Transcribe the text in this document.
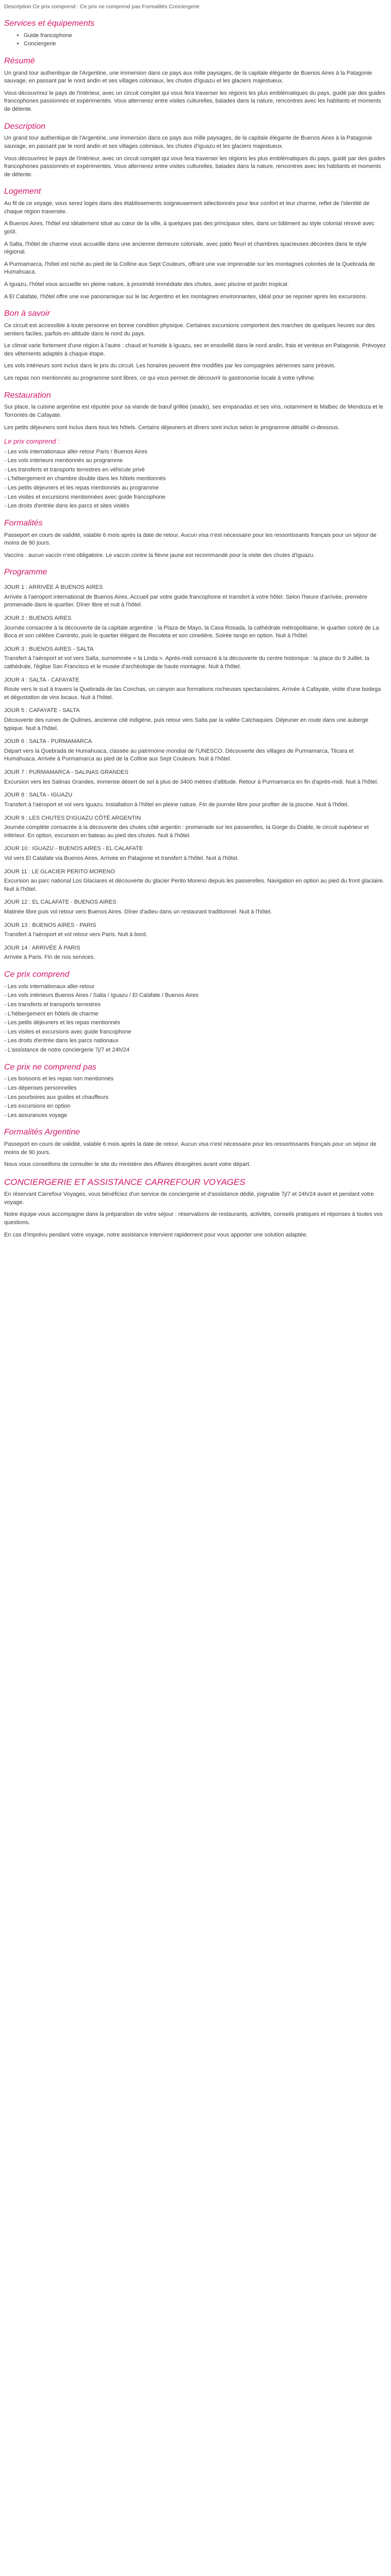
Description Ce prix comprend : Ce prix ne comprend pas Formalités Conciergerie

Services et équipements
• Guide francophone
• Conciergerie
Résumé

Un grand tour authentique de l'Argentine, une immersion dans ce pays aux mille paysages, de la capitale élégante de Buenos Aires à la Patagonie sauvage, en passant par le nord andin et ses villages coloniaux, les chutes d'Iguazu et les glaciers majestueux.

Vous découvrirez le pays de l'intérieur, avec un circuit complet qui vous fera traverser les régions les plus emblématiques du pays, guidé par des guides francophones passionnés et expérimentés. Vous alternerez entre visites culturelles, balades dans la nature, rencontres avec les habitants et moments de détente.

Description

Un grand tour authentique de l'Argentine, une immersion dans ce pays aux mille paysages, de la capitale élégante de Buenos Aires à la Patagonie sauvage, en passant par le nord andin et ses villages coloniaux, les chutes d'Iguazu et les glaciers majestueux.

Vous découvrirez le pays de l'intérieur, avec un circuit complet qui vous fera traverser les régions les plus emblématiques du pays, guidé par des guides francophones passionnés et expérimentés. Vous alternerez entre visites culturelles, balades dans la nature, rencontres avec les habitants et moments de détente.

Logement

Au fil de ce voyage, vous serez logés dans des établissements soigneusement sélectionnés pour leur confort et leur charme, reflet de l'identité de chaque région traversée.

A Buenos Aires, l'hôtel est idéalement situé au cœur de la ville, à quelques pas des principaux sites, dans un bâtiment au style colonial rénové avec goût.

A Salta, l'hôtel de charme vous accueille dans une ancienne demeure coloniale, avec patio fleuri et chambres spacieuses décorées dans le style régional.

A Purmamarca, l'hôtel est niché au pied de la Colline aux Sept Couleurs, offrant une vue imprenable sur les montagnes colorées de la Quebrada de Humahuaca.

A Iguazu, l'hôtel vous accueille en pleine nature, à proximité immédiate des chutes, avec piscine et jardin tropical.

A El Calafate, l'hôtel offre une vue panoramique sur le lac Argentino et les montagnes environnantes, idéal pour se reposer après les excursions.

Bon à savoir

Ce circuit est accessible à toute personne en bonne condition physique. Certaines excursions comportent des marches de quelques heures sur des sentiers faciles, parfois en altitude dans le nord du pays.

Le climat varie fortement d'une région à l'autre : chaud et humide à Iguazu, sec et ensoleillé dans le nord andin, frais et venteux en Patagonie. Prévoyez des vêtements adaptés à chaque étape.

Les vols intérieurs sont inclus dans le prix du circuit. Les horaires peuvent être modifiés par les compagnies aériennes sans préavis.

Les repas non mentionnés au programme sont libres, ce qui vous permet de découvrir la gastronomie locale à votre rythme.

Restauration

Sur place, la cuisine argentine est réputée pour sa viande de bœuf grillée (asado), ses empanadas et ses vins, notamment le Malbec de Mendoza et le Torrontés de Cafayate.

Les petits déjeuners sont inclus dans tous les hôtels. Certains déjeuners et dîners sont inclus selon le programme détaillé ci-dessous.

Le prix comprend :
- Les vols internationaux aller-retour Paris / Buenos Aires
- Les vols intérieurs mentionnés au programme
- Les transferts et transports terrestres en véhicule privé
- L'hébergement en chambre double dans les hôtels mentionnés
- Les petits déjeuners et les repas mentionnés au programme
- Les visites et excursions mentionnées avec guide francophone
- Les droits d'entrée dans les parcs et sites visités
Formalités

Passeport en cours de validité, valable 6 mois après la date de retour. Aucun visa n'est nécessaire pour les ressortissants français pour un séjour de moins de 90 jours.

Vaccins : aucun vaccin n'est obligatoire. Le vaccin contre la fièvre jaune est recommandé pour la visite des chutes d'Iguazu.

Programme
JOUR 1 : ARRIVÉE À BUENOS AIRES

Arrivée à l'aéroport international de Buenos Aires. Accueil par votre guide francophone et transfert à votre hôtel. Selon l'heure d'arrivée, première promenade dans le quartier. Dîner libre et nuit à l'hôtel.

JOUR 2 : BUENOS AIRES

Journée consacrée à la découverte de la capitale argentine : la Plaza de Mayo, la Casa Rosada, la cathédrale métropolitaine, le quartier coloré de La Boca et son célèbre Caminito, puis le quartier élégant de Recoleta et son cimetière. Soirée tango en option. Nuit à l'hôtel.

JOUR 3 : BUENOS AIRES - SALTA

Transfert à l'aéroport et vol vers Salta, surnommée « la Linda ». Après-midi consacré à la découverte du centre historique : la place du 9 Juillet, la cathédrale, l'église San Francisco et le musée d'archéologie de haute montagne. Nuit à l'hôtel.

JOUR 4 : SALTA - CAFAYATE

Route vers le sud à travers la Quebrada de las Conchas, un canyon aux formations rocheuses spectaculaires. Arrivée à Cafayate, visite d'une bodega et dégustation de vins locaux. Nuit à l'hôtel.

JOUR 5 : CAFAYATE - SALTA

Découverte des ruines de Quilmes, ancienne cité indigène, puis retour vers Salta par la vallée Calchaquies. Déjeuner en route dans une auberge typique. Nuit à l'hôtel.

JOUR 6 : SALTA - PURMAMARCA

Départ vers la Quebrada de Humahuaca, classée au patrimoine mondial de l'UNESCO. Découverte des villages de Purmamarca, Tilcara et Humahuaca. Arrivée à Purmamarca au pied de la Colline aux Sept Couleurs. Nuit à l'hôtel.

JOUR 7 : PURMAMARCA - SALINAS GRANDES

Excursion vers les Salinas Grandes, immense désert de sel à plus de 3400 mètres d'altitude. Retour à Purmamarca en fin d'après-midi. Nuit à l'hôtel.

JOUR 8 : SALTA - IGUAZU

Transfert à l'aéroport et vol vers Iguazu. Installation à l'hôtel en pleine nature. Fin de journée libre pour profiter de la piscine. Nuit à l'hôtel.

JOUR 9 : LES CHUTES D'IGUAZU CÔTÉ ARGENTIN

Journée complète consacrée à la découverte des chutes côté argentin : promenade sur les passerelles, la Gorge du Diable, le circuit supérieur et inférieur. En option, excursion en bateau au pied des chutes. Nuit à l'hôtel.

JOUR 10 : IGUAZU - BUENOS AIRES - EL CALAFATE

Vol vers El Calafate via Buenos Aires. Arrivée en Patagonie et transfert à l'hôtel. Nuit à l'hôtel.

JOUR 11 : LE GLACIER PERITO MORENO

Excursion au parc national Los Glaciares et découverte du glacier Perito Moreno depuis les passerelles. Navigation en option au pied du front glaciaire. Nuit à l'hôtel.

JOUR 12 : EL CALAFATE - BUENOS AIRES

Matinée libre puis vol retour vers Buenos Aires. Dîner d'adieu dans un restaurant traditionnel. Nuit à l'hôtel.

JOUR 13 : BUENOS AIRES - PARIS

Transfert à l'aéroport et vol retour vers Paris. Nuit à bord.

JOUR 14 : ARRIVÉE À PARIS

Arrivée à Paris. Fin de nos services.

Ce prix comprend
- Les vols internationaux aller-retour
- Les vols intérieurs Buenos Aires / Salta / Iguazu / El Calafate / Buenos Aires
- Les transferts et transports terrestres
- L'hébergement en hôtels de charme
- Les petits déjeuners et les repas mentionnés
- Les visites et excursions avec guide francophone
- Les droits d'entrée dans les parcs nationaux
- L'assistance de notre conciergerie 7j/7 et 24h/24
Ce prix ne comprend pas
- Les boissons et les repas non mentionnés
- Les dépenses personnelles
- Les pourboires aux guides et chauffeurs
- Les excursions en option
- Les assurances voyage
Formalités Argentine

Passeport en cours de validité, valable 6 mois après la date de retour. Aucun visa n'est nécessaire pour les ressortissants français pour un séjour de moins de 90 jours.

Nous vous conseillons de consulter le site du ministère des Affaires étrangères avant votre départ.

CONCIERGERIE ET ASSISTANCE CARREFOUR VOYAGES

En réservant Carrefour Voyages, vous bénéficiez d'un service de conciergerie et d'assistance dédié, joignable 7j/7 et 24h/24 avant et pendant votre voyage.

Notre équipe vous accompagne dans la préparation de votre séjour : réservations de restaurants, activités, conseils pratiques et réponses à toutes vos questions.

En cas d'imprévu pendant votre voyage, notre assistance intervient rapidement pour vous apporter une solution adaptée.
